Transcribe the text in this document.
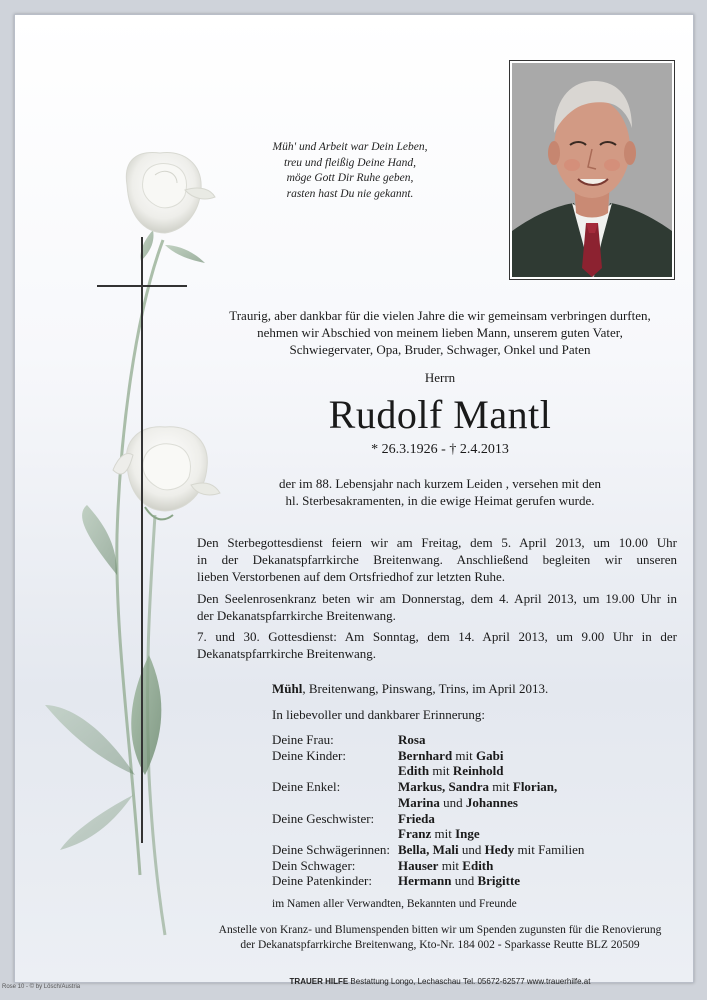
Müh' und Arbeit war Dein Leben,
treu und fleißig Deine Hand,
möge Gott Dir Ruhe geben,
rasten hast Du nie gekannt.
Traurig, aber dankbar für die vielen Jahre die wir gemeinsam verbringen durften,
nehmen wir Abschied von meinem lieben Mann, unserem guten Vater,
Schwiegervater, Opa, Bruder, Schwager, Onkel und Paten
Herrn
Rudolf Mantl
* 26.3.1926 - † 2.4.2013
der im 88. Lebensjahr nach kurzem Leiden , versehen mit den
hl. Sterbesakramenten, in die ewige Heimat gerufen wurde.
Den Sterbegottesdienst feiern wir am Freitag, dem 5. April 2013, um 10.00 Uhr
in der Dekanatspfarrkirche Breitenwang. Anschließend begleiten wir unseren
lieben Verstorbenen auf dem Ortsfriedhof zur letzten Ruhe.
Den Seelenrosenkranz beten wir am Donnerstag, dem 4. April 2013, um 19.00 Uhr in
der Dekanatspfarrkirche Breitenwang.
7. und 30. Gottesdienst: Am Sonntag, dem 14. April 2013, um 9.00 Uhr in der
Dekanatspfarrkirche Breitenwang.
Mühl, Breitenwang, Pinswang, Trins, im April 2013.
In liebevoller und dankbarer Erinnerung:
Deine Frau:	Rosa
Deine Kinder:	Bernhard mit Gabi
Edith mit Reinhold
Deine Enkel:	Markus, Sandra mit Florian,
Marina und Johannes
Deine Geschwister:	Frieda
Franz mit Inge
Deine Schwägerinnen: Bella, Mali und Hedy mit Familien
Dein Schwager:	Hauser mit Edith
Deine Patenkinder:	Hermann und Brigitte
im Namen aller Verwandten, Bekannten und Freunde
Anstelle von Kranz- und Blumenspenden bitten wir um Spenden zugunsten für die Renovierung
der Dekanatspfarrkirche Breitenwang, Kto-Nr. 184 002 - Sparkasse Reutte BLZ 20509
TRAUER HILFE Bestattung Longo, Lechaschau Tel. 05672-62577 www.trauerhilfe.at
Rose 10 - © by Lösch/Austria
